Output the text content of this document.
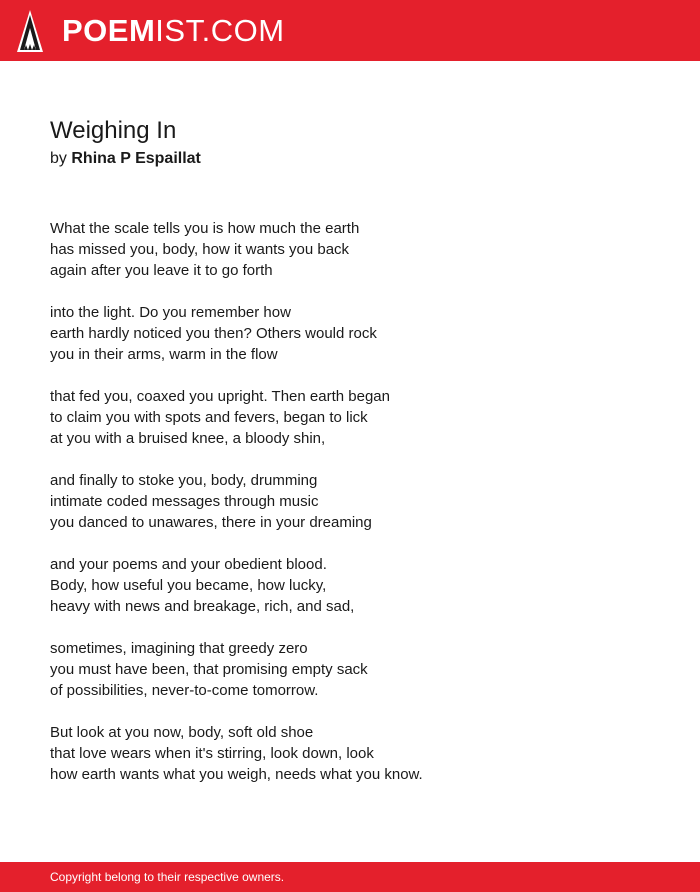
POEMIST.COM
Weighing In
by Rhina P Espaillat
What the scale tells you is how much the earth
has missed you, body, how it wants you back
again after you leave it to go forth
into the light. Do you remember how
earth hardly noticed you then? Others would rock
you in their arms, warm in the flow
that fed you, coaxed you upright. Then earth began
to claim you with spots and fevers, began to lick
at you with a bruised knee, a bloody shin,
and finally to stoke you, body, drumming
intimate coded messages through music
you danced to unawares, there in your dreaming
and your poems and your obedient blood.
Body, how useful you became, how lucky,
heavy with news and breakage, rich, and sad,
sometimes, imagining that greedy zero
you must have been, that promising empty sack
of possibilities, never-to-come tomorrow.
But look at you now, body, soft old shoe
that love wears when it's stirring, look down, look
how earth wants what you weigh, needs what you know.
Copyright belong to their respective owners.
